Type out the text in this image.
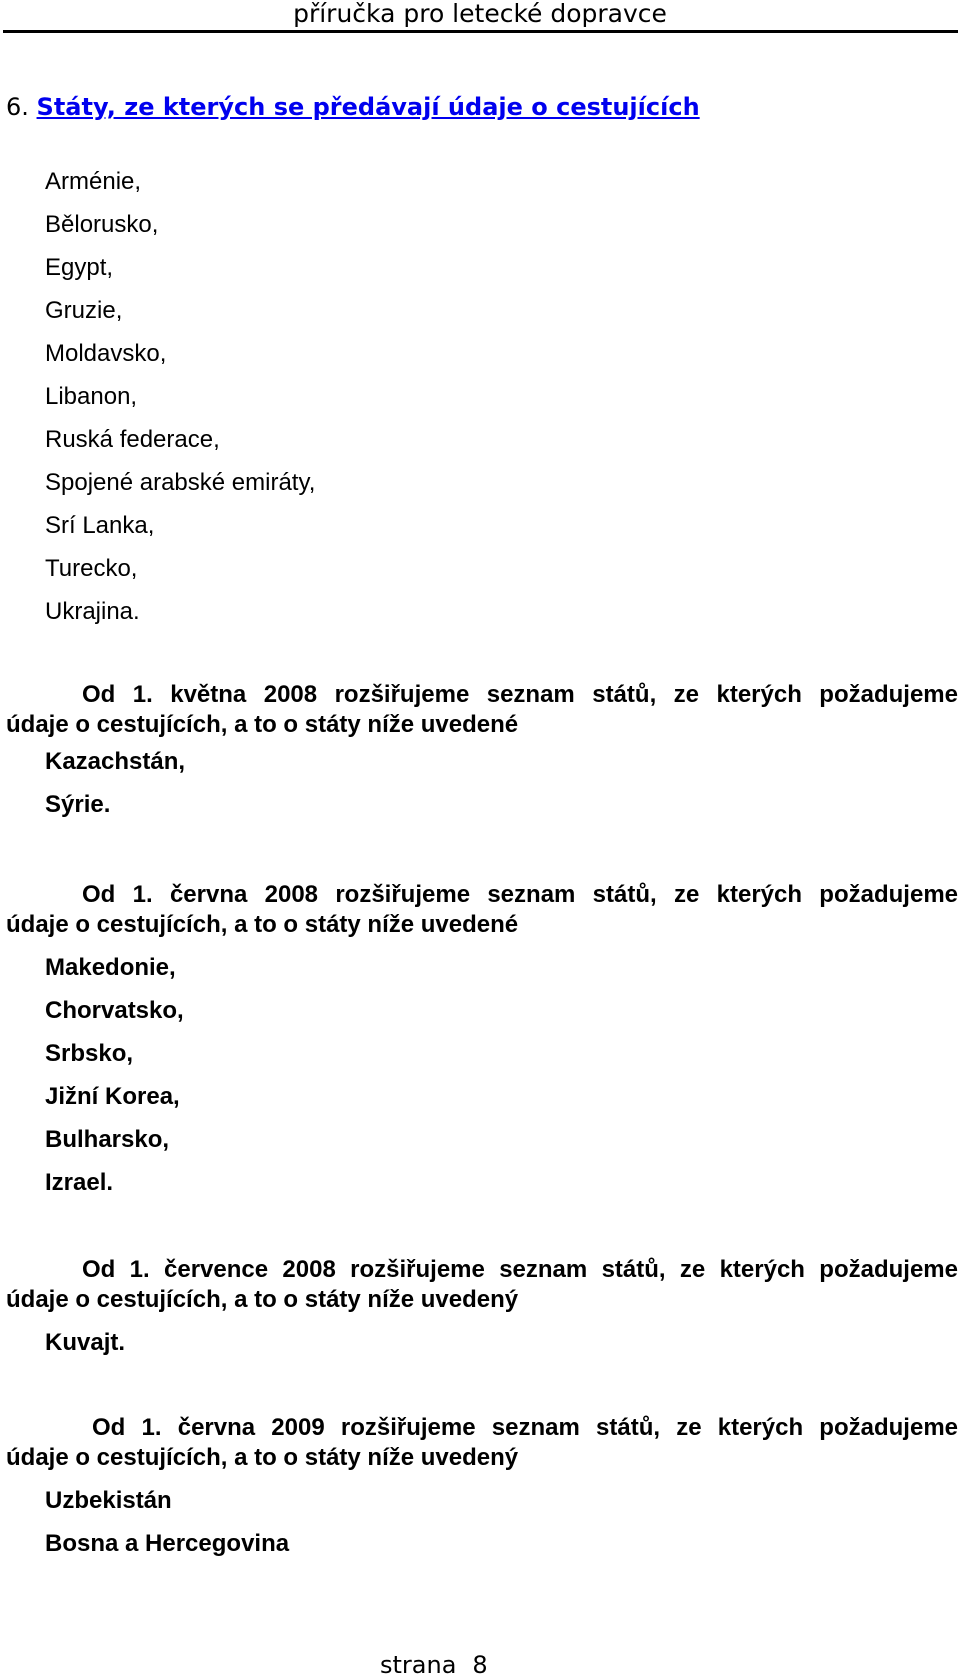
příručka pro letecké dopravce
6. Státy, ze kterých se předávají údaje o cestujících
Arménie,
Bělorusko,
Egypt,
Gruzie,
Moldavsko,
Libanon,
Ruská federace,
Spojené arabské emiráty,
Srí Lanka,
Turecko,
Ukrajina.
Od 1. května 2008 rozšiřujeme seznam států, ze kterých požadujeme
údaje o cestujících, a to o státy níže uvedené
Kazachstán,
Sýrie.
Od 1. června 2008 rozšiřujeme seznam států, ze kterých požadujeme
údaje o cestujících, a to o státy níže uvedené
Makedonie,
Chorvatsko,
Srbsko,
Jižní Korea,
Bulharsko,
Izrael.
Od 1. července 2008 rozšiřujeme seznam států, ze kterých požadujeme
údaje o cestujících, a to o státy níže uvedený
Kuvajt.
Od 1. června 2009 rozšiřujeme seznam států, ze kterých požadujeme
údaje o cestujících, a to o státy níže uvedený
Uzbekistán
Bosna a Hercegovina
strana 8
